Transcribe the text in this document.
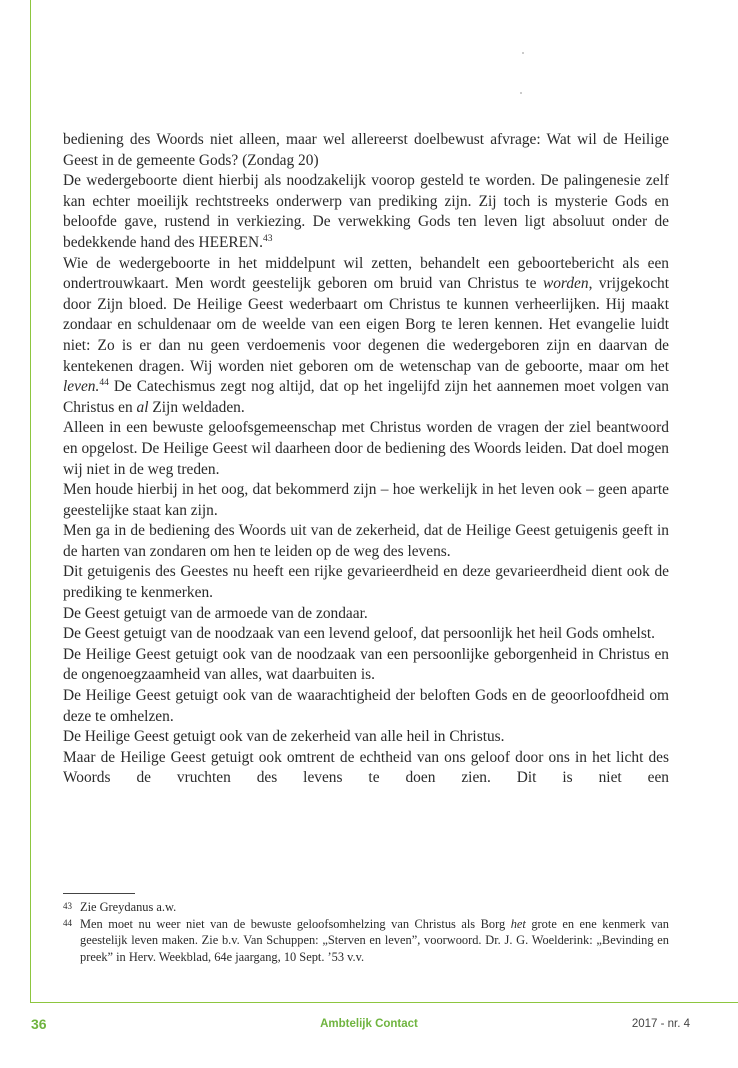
bediening des Woords niet alleen, maar wel allereerst doelbewust afvrage: Wat wil de Heilige Geest in de gemeente Gods? (Zondag 20)

De wedergeboorte dient hierbij als noodzakelijk voorop gesteld te worden. De palingenesie zelf kan echter moeilijk rechtstreeks onderwerp van prediking zijn. Zij toch is mysterie Gods en beloofde gave, rustend in verkiezing. De verwekking Gods ten leven ligt absoluut onder de bedekkende hand des HEEREN.$^{43}$

Wie de wedergeboorte in het middelpunt wil zetten, behandelt een geboortebericht als een ondertrouwkaart. Men wordt geestelijk geboren om bruid van Christus te worden, vrijgekocht door Zijn bloed. De Heilige Geest wederbaart om Christus te kunnen verheerlijken. Hij maakt zondaar en schuldenaar om de weelde van een eigen Borg te leren kennen. Het evangelie luidt niet: Zo is er dan nu geen verdoemenis voor degenen die wedergeboren zijn en daarvan de kentekenen dragen. Wij worden niet geboren om de wetenschap van de geboorte, maar om het leven.$^{44}$ De Catechismus zegt nog altijd, dat op het ingelijfd zijn het aannemen moet volgen van Christus en al Zijn weldaden.

Alleen in een bewuste geloofsgemeenschap met Christus worden de vragen der ziel beantwoord en opgelost. De Heilige Geest wil daarheen door de bediening des Woords leiden. Dat doel mogen wij niet in de weg treden.

Men houde hierbij in het oog, dat bekommerd zijn – hoe werkelijk in het leven ook – geen aparte geestelijke staat kan zijn.

Men ga in de bediening des Woords uit van de zekerheid, dat de Heilige Geest getuigenis geeft in de harten van zondaren om hen te leiden op de weg des levens.

Dit getuigenis des Geestes nu heeft een rijke gevarieerdheid en deze gevarieerdheid dient ook de prediking te kenmerken.

De Geest getuigt van de armoede van de zondaar.

De Geest getuigt van de noodzaak van een levend geloof, dat persoonlijk het heil Gods omhelst.

De Heilige Geest getuigt ook van de noodzaak van een persoonlijke geborgenheid in Christus en de ongenoegzaamheid van alles, wat daarbuiten is.

De Heilige Geest getuigt ook van de waarachtigheid der beloften Gods en de geoorloofdheid om deze te omhelzen.

De Heilige Geest getuigt ook van de zekerheid van alle heil in Christus.

Maar de Heilige Geest getuigt ook omtrent de echtheid van ons geloof door ons in het licht des Woords de vruchten des levens te doen zien. Dit is niet een

43 Zie Greydanus a.w.
44 Men moet nu weer niet van de bewuste geloofsomhelzing van Christus als Borg het grote en ene kenmerk van geestelijk leven maken. Zie b.v. Van Schuppen: „Sterven en leven”, voorwoord. Dr. J. G. Woelderink: „Bevinding en preek” in Herv. Weekblad, 64e jaargang, 10 Sept. ’53 v.v.
36	Ambtelijk Contact	2017 - nr. 4
